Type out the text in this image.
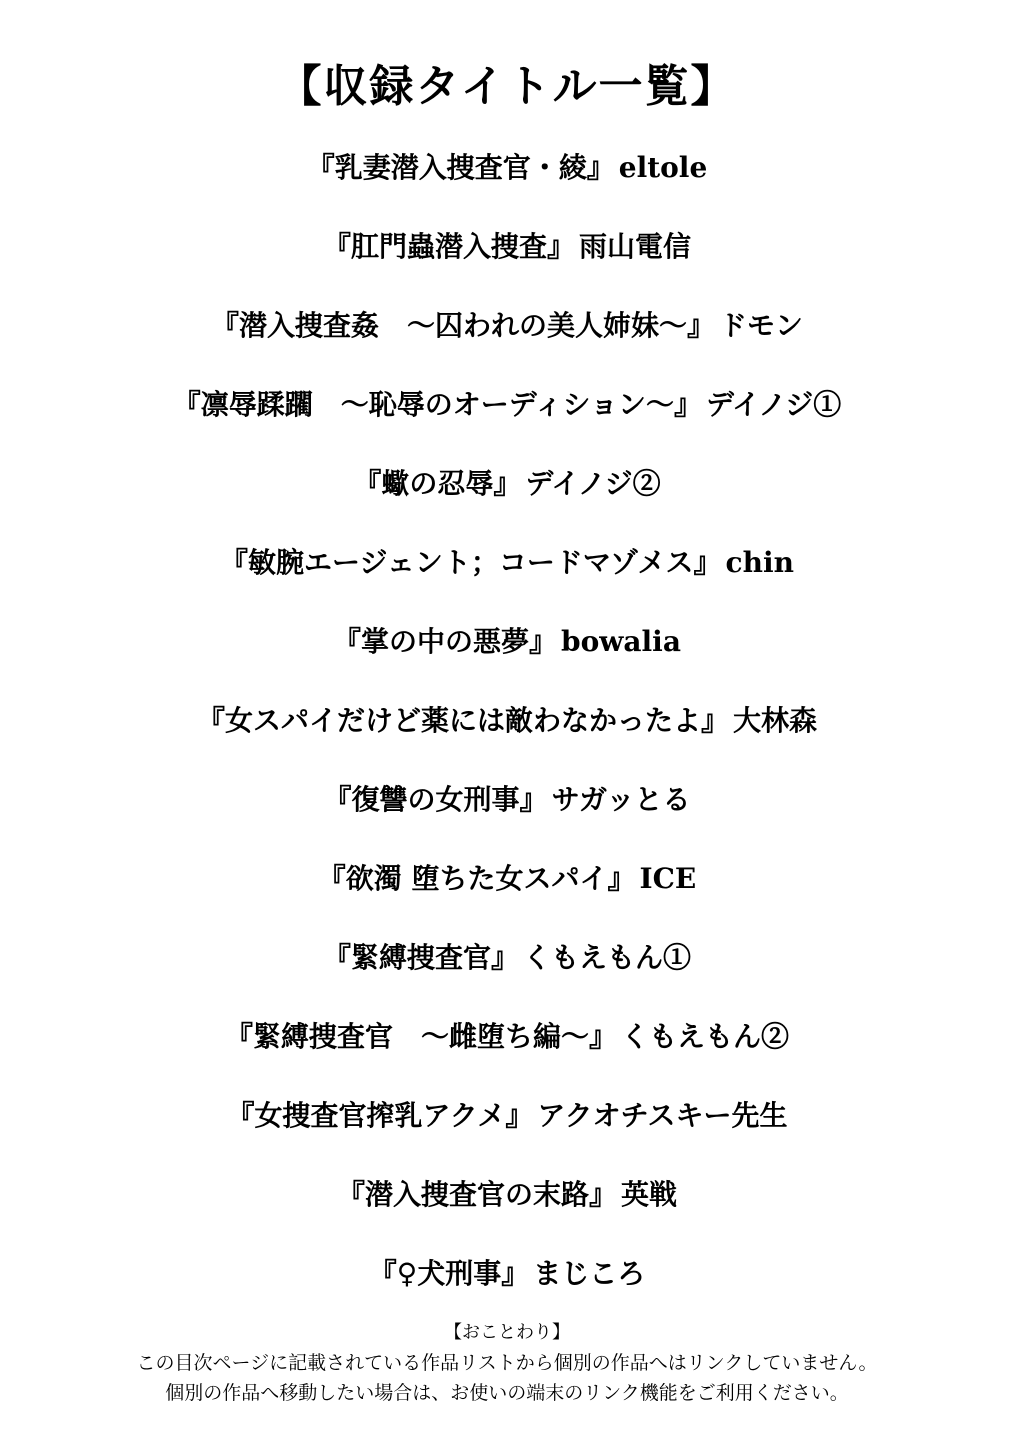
【収録タイトル一覧】
『乳妻潜入捜査官・綾』 eltole
『肛門蟲潜入捜査』 雨山電信
『潜入捜査姦　～囚われの美人姉妹～』 ドモン
『凛辱蹂躙　～恥辱のオーディション～』 デイノジ①
『蠍の忍辱』 デイノジ②
『敏腕エージェント；コードマゾメス』 chin
『掌の中の悪夢』 bowalia
『女スパイだけど薬には敵わなかったよ』 大林森
『復讐の女刑事』 サガッとる
『欲濁 堕ちた女スパイ』 ICE
『緊縛捜査官』 くもえもん①
『緊縛捜査官　～雌堕ち編～』 くもえもん②
『女捜査官搾乳アクメ』 アクオチスキー先生
『潜入捜査官の末路』 英戦
『♀犬刑事』 まじころ
【おことわり】
この目次ページに記載されている作品リストから個別の作品へはリンクしていません。
個別の作品へ移動したい場合は、お使いの端末のリンク機能をご利用ください。
